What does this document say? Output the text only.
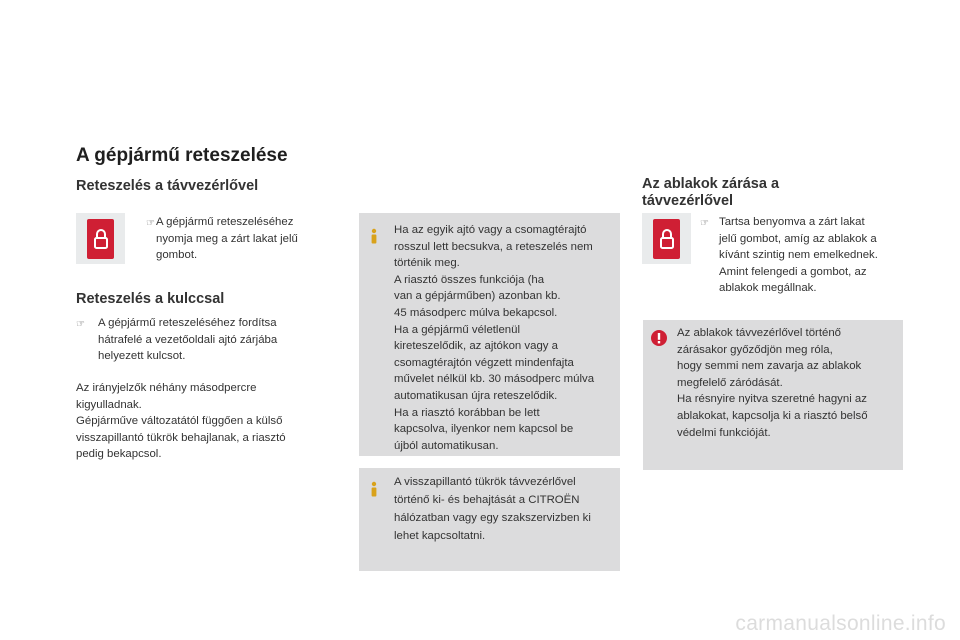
A gépjármű reteszelése
Reteszelés a távvezérlővel
☞ A gépjármű reteszeléséhez
nyomja meg a zárt lakat jelű
gombot.
Reteszelés a kulccsal
☞ A gépjármű reteszeléséhez fordítsa
hátrafelé a vezetőoldali ajtó zárjába
helyezett kulcsot.
Az irányjelzők néhány másodpercre
kigyulladnak.
Gépjárműve változatától függően a külső
visszapillantó tükrök behajlanak, a riasztó
pedig bekapcsol.
Ha az egyik ajtó vagy a csomagtérajtó
rosszul lett becsukva, a reteszelés nem
történik meg.
A riasztó összes funkciója (ha
van a gépjárműben) azonban kb.
45 másodperc múlva bekapcsol.
Ha a gépjármű véletlenül
kireteszelődik, az ajtókon vagy a
csomagtérajtón végzett mindenfajta
művelet nélkül kb. 30 másodperc múlva
automatikusan újra reteszelődik.
Ha a riasztó korábban be lett
kapcsolva, ilyenkor nem kapcsol be
újból automatikusan.
A visszapillantó tükrök távvezérlővel
történő ki- és behajtását a CITROËN
hálózatban vagy egy szakszervizben ki
lehet kapcsoltatni.
Az ablakok zárása a
távvezérlővel
☞ Tartsa benyomva a zárt lakat
jelű gombot, amíg az ablakok a
kívánt szintig nem emelkednek.
Amint felengedi a gombot, az
ablakok megállnak.
Az ablakok távvezérlővel történő
zárásakor győződjön meg róla,
hogy semmi nem zavarja az ablakok
megfelelő záródását.
Ha résnyire nyitva szeretné hagyni az
ablakokat, kapcsolja ki a riasztó belső
védelmi funkcióját.
carmanualsonline.info
